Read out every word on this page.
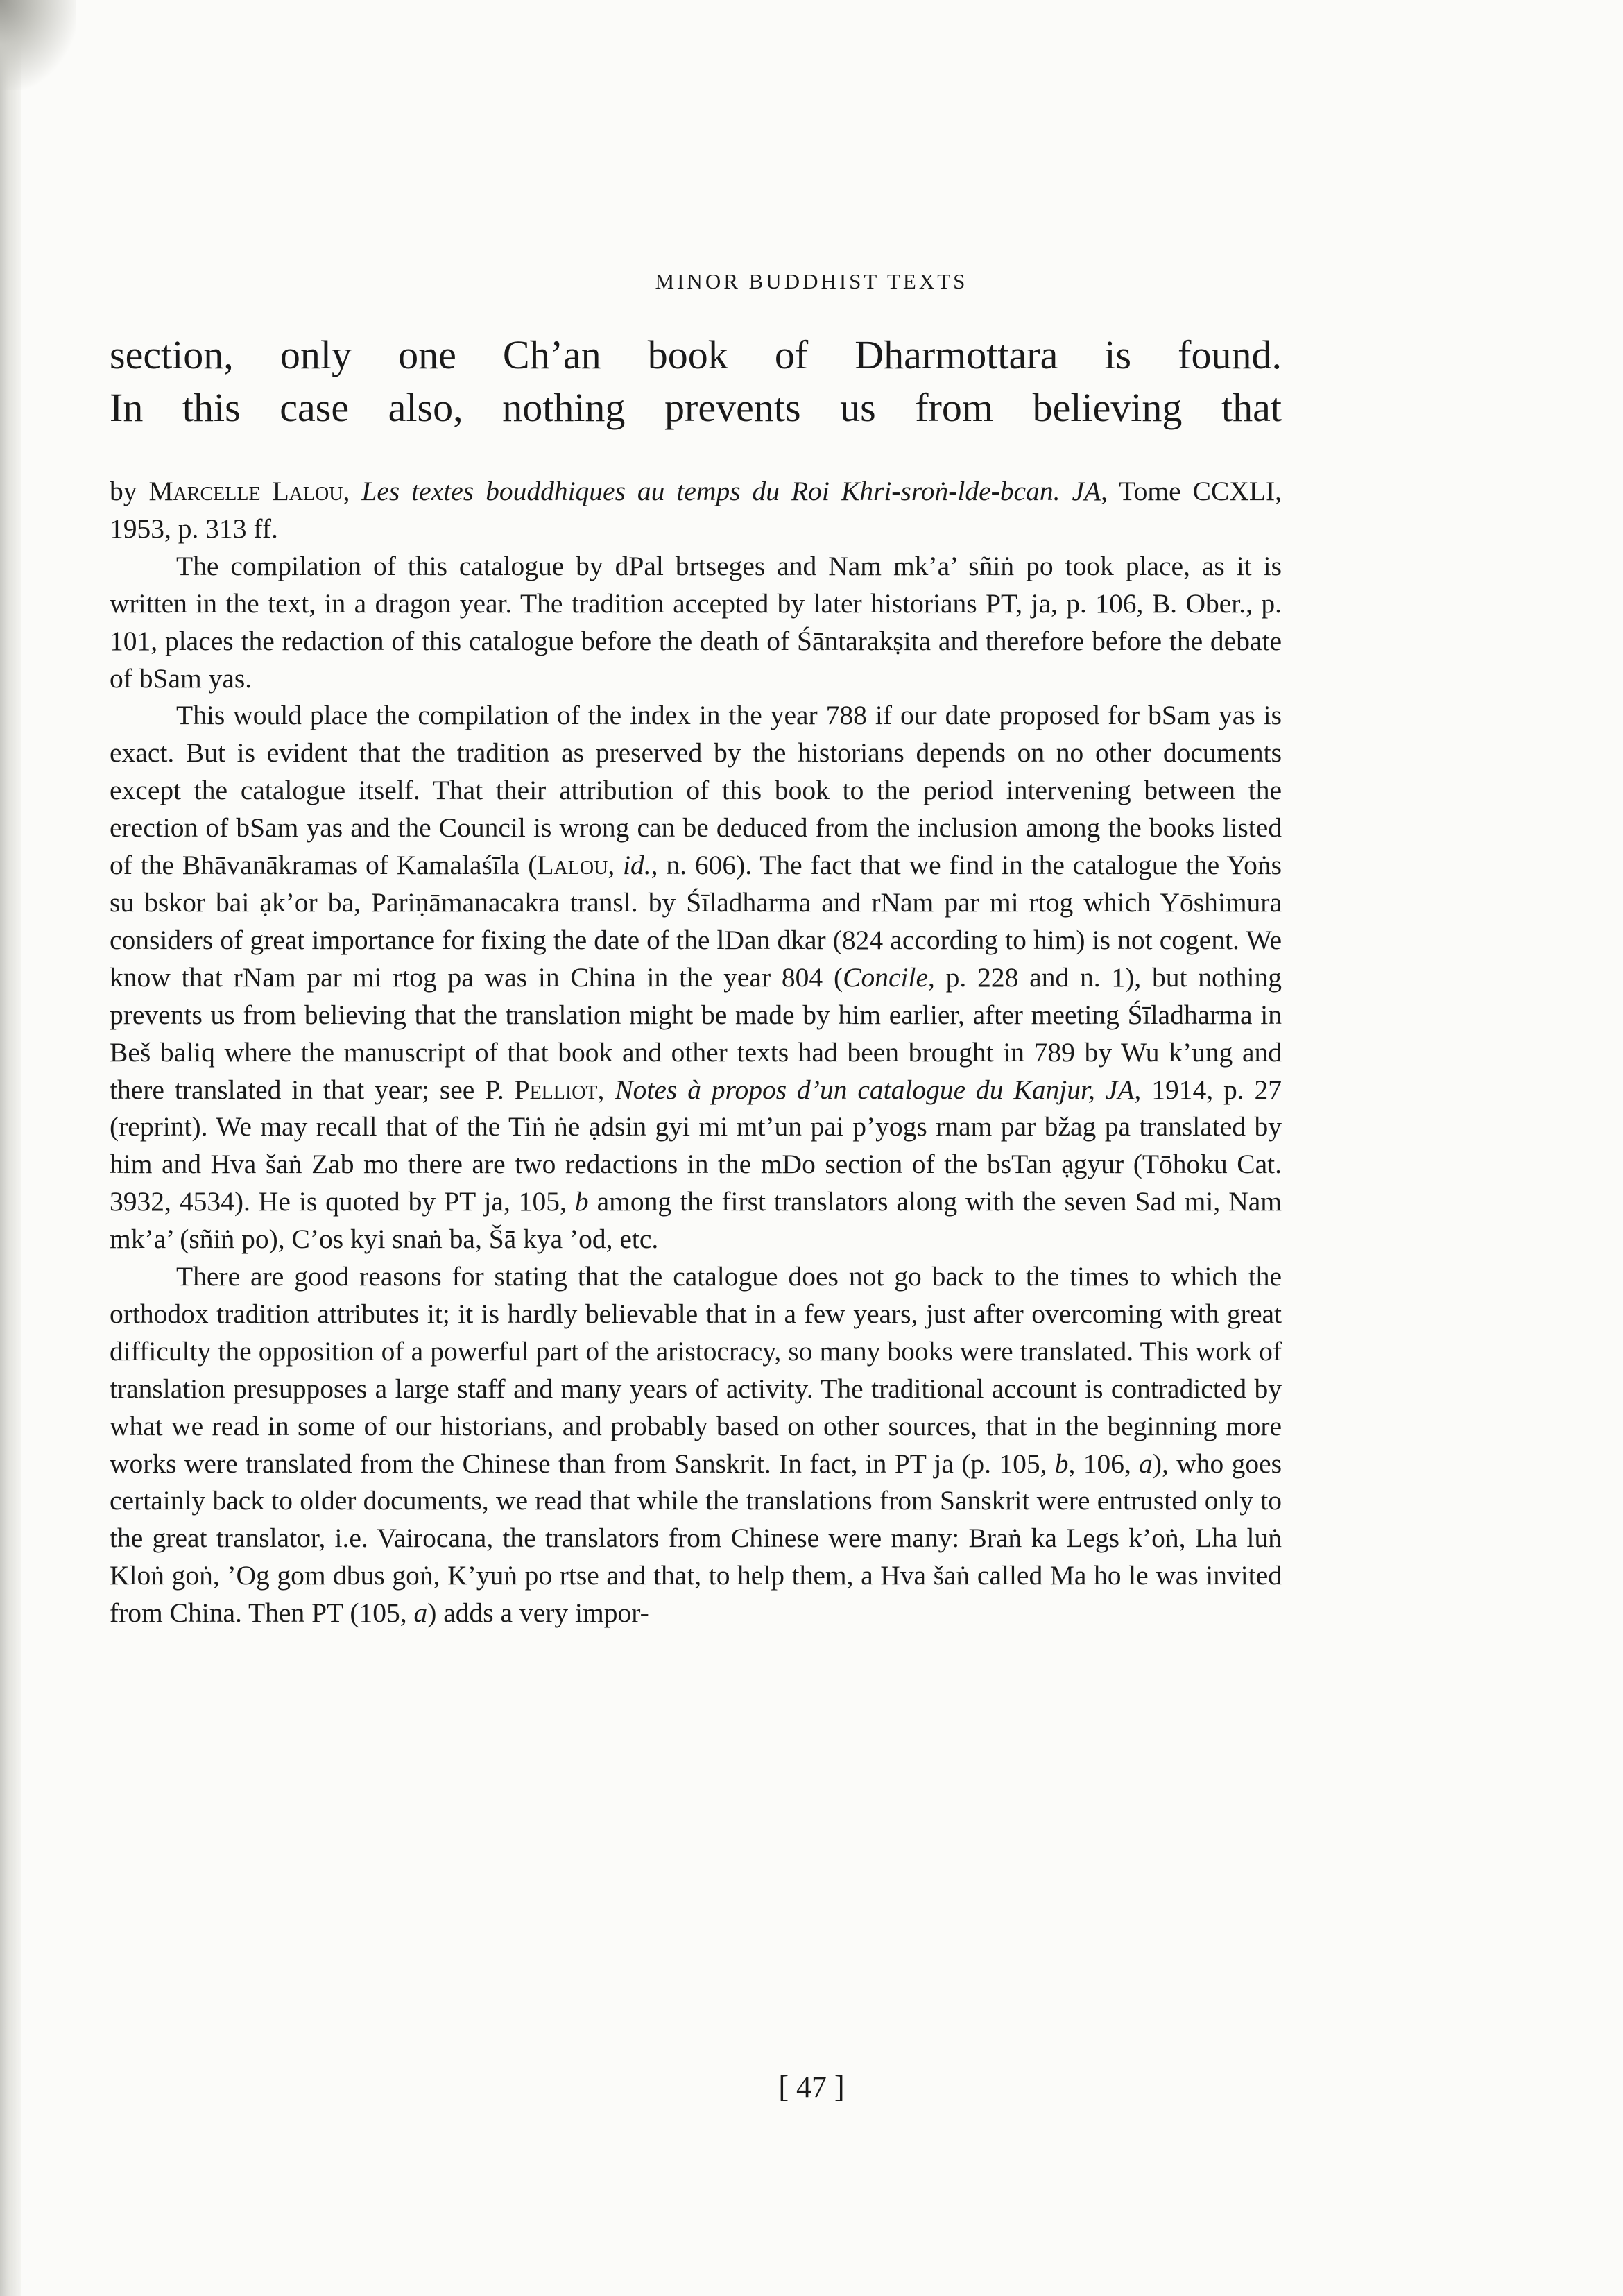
MINOR BUDDHIST TEXTS

section, only one Ch’an book of Dharmottara is found.

In this case also, nothing prevents us from believing that

by Marcelle Lalou, Les textes bouddhiques au temps du Roi Khri-sroṅ-lde-bcan. JA, Tome CCXLI, 1953, p. 313 ff.

The compilation of this catalogue by dPal brtseges and Nam mk’a’ sñiṅ po took place, as it is written in the text, in a dragon year. The tradition accepted by later historians PT, ja, p. 106, B. Ober., p. 101, places the redaction of this catalogue before the death of Śāntarakṣita and therefore before the debate of bSam yas.

This would place the compilation of the index in the year 788 if our date proposed for bSam yas is exact. But is evident that the tradition as preserved by the historians depends on no other documents except the catalogue itself. That their attribution of this book to the period intervening between the erection of bSam yas and the Council is wrong can be deduced from the inclusion among the books listed of the Bhāvanākramas of Kamalaśīla (Lalou, id., n. 606). The fact that we find in the catalogue the Yoṅs su bskor bai ạk’or ba, Pariṇāmanacakra transl. by Śīladharma and rNam par mi rtog which Yōshimura considers of great importance for fixing the date of the lDan dkar (824 according to him) is not cogent. We know that rNam par mi rtog pa was in China in the year 804 (Concile, p. 228 and n. 1), but nothing prevents us from believing that the translation might be made by him earlier, after meeting Śīladharma in Beš baliq where the manuscript of that book and other texts had been brought in 789 by Wu k’ung and there translated in that year; see P. Pelliot, Notes à propos d’un catalogue du Kanjur, JA, 1914, p. 27 (reprint). We may recall that of the Tiṅ ṅe ạdsin gyi mi mt’un pai p’yogs rnam par bžag pa translated by him and Hva šaṅ Zab mo there are two redactions in the mDo section of the bsTan ạgyur (Tōhoku Cat. 3932, 4534). He is quoted by PT ja, 105, b among the first translators along with the seven Sad mi, Nam mk’a’ (sñiṅ po), C’os kyi snaṅ ba, Šā kya ’od, etc.

There are good reasons for stating that the catalogue does not go back to the times to which the orthodox tradition attributes it; it is hardly believable that in a few years, just after overcoming with great difficulty the opposition of a powerful part of the aristocracy, so many books were translated. This work of translation presupposes a large staff and many years of activity. The traditional account is contradicted by what we read in some of our historians, and probably based on other sources, that in the beginning more works were translated from the Chinese than from Sanskrit. In fact, in PT ja (p. 105, b, 106, a), who goes certainly back to older documents, we read that while the translations from Sanskrit were entrusted only to the great translator, i.e. Vairocana, the translators from Chinese were many: Braṅ ka Legs k’oṅ, Lha luṅ Kloṅ goṅ, ’Og gom dbus goṅ, K’yuṅ po rtse and that, to help them, a Hva šaṅ called Ma ho le was invited from China. Then PT (105, a) adds a very impor-

[ 47 ]
